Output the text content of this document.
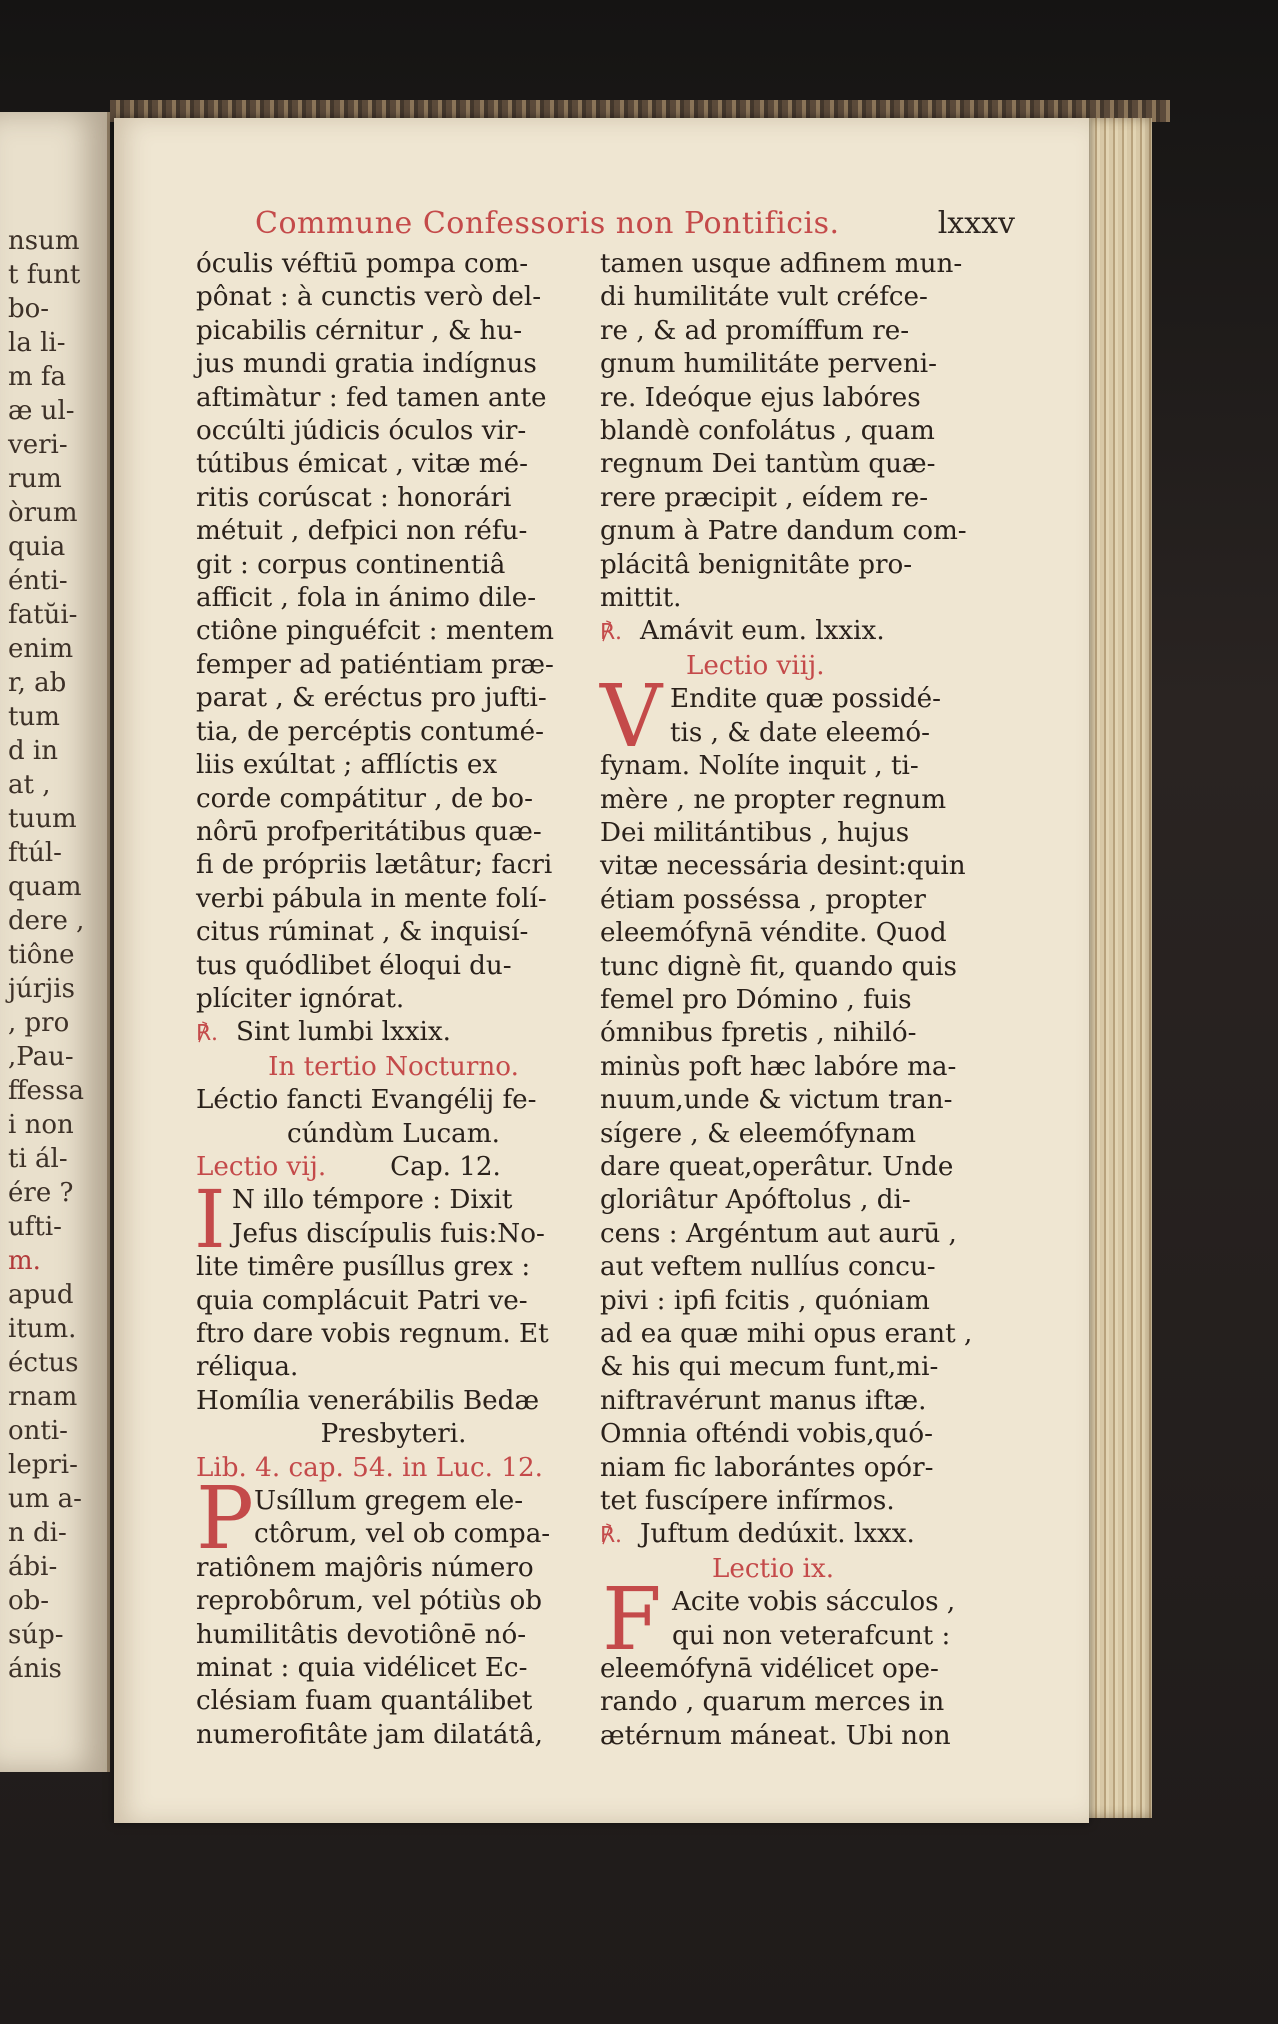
nsum
t funt
bo-
la li-
m fa
æ ul-
veri-
rum
òrum
quia
énti-
fatŭi-
enim
r, ab
tum
d in
at ,
tuum
ftúl-
quam
dere ,
tiône
júrjis
, pro
,Pau-
ffessa
i non
ti ál-
ére ?
ufti-
m.
apud
itum.
éctus
rnam
onti-
lepri-
um a-
n di-
ábi-
ob-
súp-
ánis
Commune Confessoris non Pontificis.	lxxxv
óculis véftiū pompa com-
pônat : à cunctis verò del-
picabilis cérnitur , & hu-
jus mundi gratia indígnus
aftimàtur : fed tamen ante
occúlti júdicis óculos vir-
tútibus émicat , vitæ mé-
ritis corúscat : honorári
métuit , defpici non réfu-
git : corpus continentiâ
afficit , fola in ánimo dile-
ctiône pinguéfcit : mentem
femper ad patiéntiam præ-
parat , & eréctus pro jufti-
tia, de percéptis contumé-
liis exúltat ; afflíctis ex
corde compátitur , de bo-
nôrū profperitátibus quæ-
fi de própriis lætâtur; facri
verbi pábula in mente folí-
citus rúminat , & inquisí-
tus quódlibet éloqui du-
plíciter ignórat.
℟. Sint lumbi lxxix.
In tertio Nocturno.
Léctio fancti Evangélij fe-
cúndùm Lucam.
Lectio vij. Cap. 12.
I N illo témpore : Dixit
Jefus discípulis fuis:No-
lite timêre pusíllus grex :
quia complácuit Patri ve-
ftro dare vobis regnum. Et
réliqua.
Homília venerábilis Bedæ
Presbyteri.
Lib. 4. cap. 54. in Luc. 12.
P Usíllum gregem ele-
ctôrum, vel ob compa-
ratiônem majôris número
reprobôrum, vel pótiùs ob
humilitâtis devotiônē nó-
minat : quia vidélicet Ec-
clésiam fuam quantálibet
numerofitâte jam dilatátâ,
tamen usque adfinem mun-
di humilitáte vult créfce-
re , & ad promíffum re-
gnum humilitáte perveni-
re. Ideóque ejus labóres
blandè confolátus , quam
regnum Dei tantùm quæ-
rere præcipit , eídem re-
gnum à Patre dandum com-
plácitâ benignitâte pro-
mittit.
℟. Amávit eum. lxxix.
Lectio viij.
V Endite quæ possidé-
tis , & date eleemó-
fynam. Nolíte inquit , ti-
mère , ne propter regnum
Dei militántibus , hujus
vitæ necessária desint:quin
étiam posséssa , propter
eleemófynā véndite. Quod
tunc dignè fit, quando quis
femel pro Dómino , fuis
ómnibus fpretis , nihiló-
minùs poft hæc labóre ma-
nuum,unde & victum tran-
sígere , & eleemófynam
dare queat,operâtur. Unde
gloriâtur Apóftolus , di-
cens : Argéntum aut aurū ,
aut veftem nullíus concu-
pivi : ipfi fcitis , quóniam
ad ea quæ mihi opus erant ,
& his qui mecum funt,mi-
niftravérunt manus iftæ.
Omnia ofténdi vobis,quó-
niam fic laborántes opór-
tet fuscípere infírmos.
℟. Juftum dedúxit. lxxx.
Lectio ix.
F Acite vobis sácculos ,
qui non veterafcunt :
eleemófynā vidélicet ope-
rando , quarum merces in
ætérnum máneat. Ubi non
